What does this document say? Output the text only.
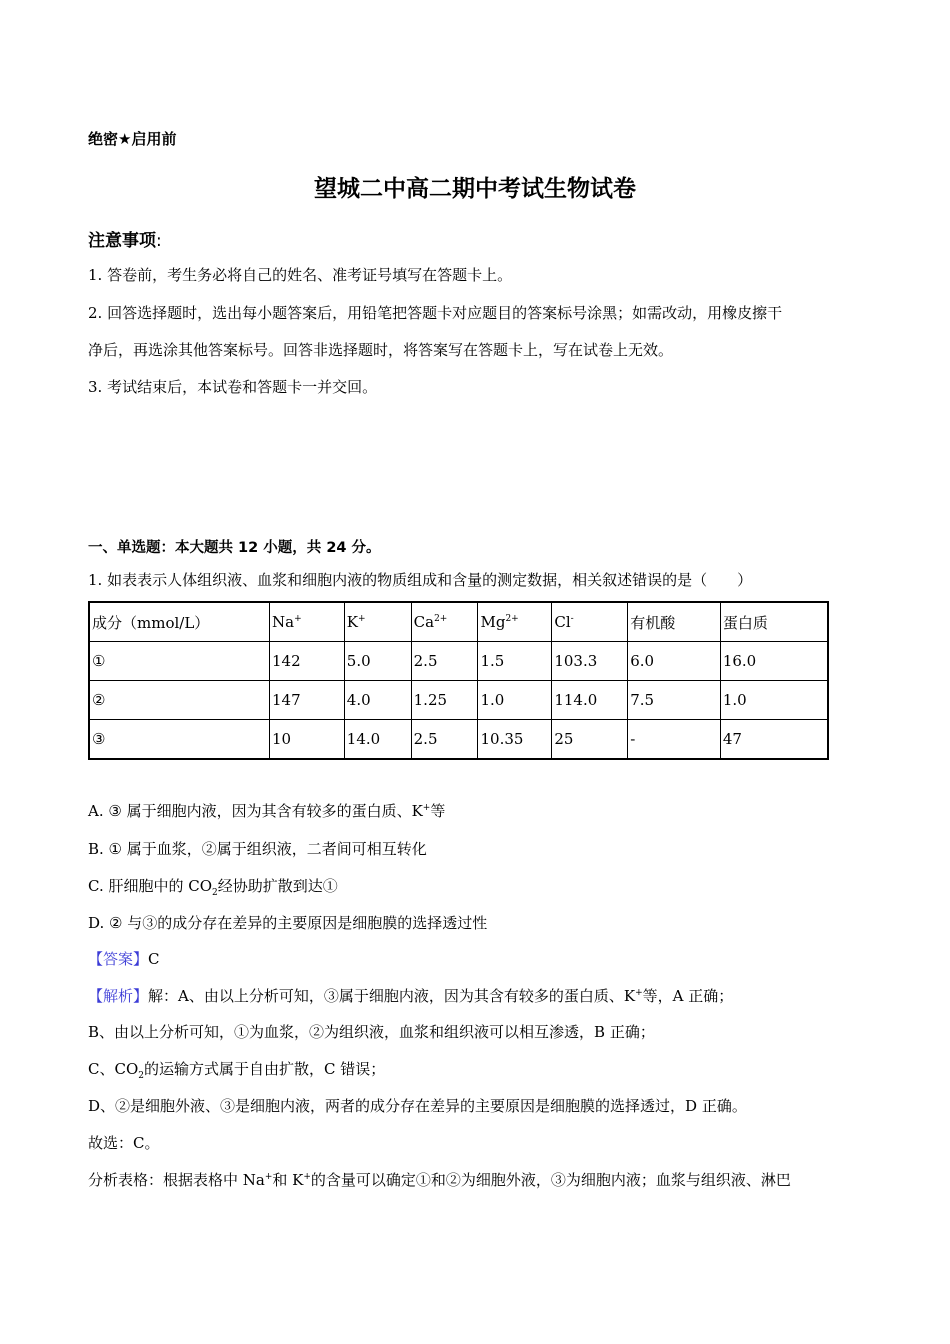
绝密★启用前
望城二中高二期中考试生物试卷
注意事项:
1. 答卷前，考生务必将自己的姓名、准考证号填写在答题卡上。
2. 回答选择题时，选出每小题答案后，用铅笔把答题卡对应题目的答案标号涂黑；如需改动，用橡皮擦干
净后，再选涂其他答案标号。回答非选择题时，将答案写在答题卡上，写在试卷上无效。
3. 考试结束后，本试卷和答题卡一并交回。
一、单选题：本大题共 12 小题，共 24 分。
1. 如表表示人体组织液、血浆和细胞内液的物质组成和含量的测定数据，相关叙述错误的是（　　）
成分（mmol/L）	Na+	K+	$Ca^{2+}$	$Mg^{2+}$	Cl-	有机酸	蛋白质
①	142	5.0	2.5	1.5	103.3	6.0	16.0
②	147	4.0	1.25	1.0	114.0	7.5	1.0
③	10	14.0	2.5	10.35	25	-	47
A. ③ 属于细胞内液，因为其含有较多的蛋白质、K+等
B. ① 属于血浆，②属于组织液，二者间可相互转化
C. 肝细胞中的 $CO_2$经协助扩散到达①
D. ② 与③的成分存在差异的主要原因是细胞膜的选择透过性
【答案】C
【解析】解：A、由以上分析可知，③属于细胞内液，因为其含有较多的蛋白质、K+等，A 正确；
B、由以上分析可知，①为血浆，②为组织液，血浆和组织液可以相互渗透，B 正确；
C、$CO_2$的运输方式属于自由扩散，C 错误；
D、②是细胞外液、③是细胞内液，两者的成分存在差异的主要原因是细胞膜的选择透过，D 正确。
故选：C。
分析表格：根据表格中 Na+和 K+的含量可以确定①和②为细胞外液，③为细胞内液；血浆与组织液、淋巴
